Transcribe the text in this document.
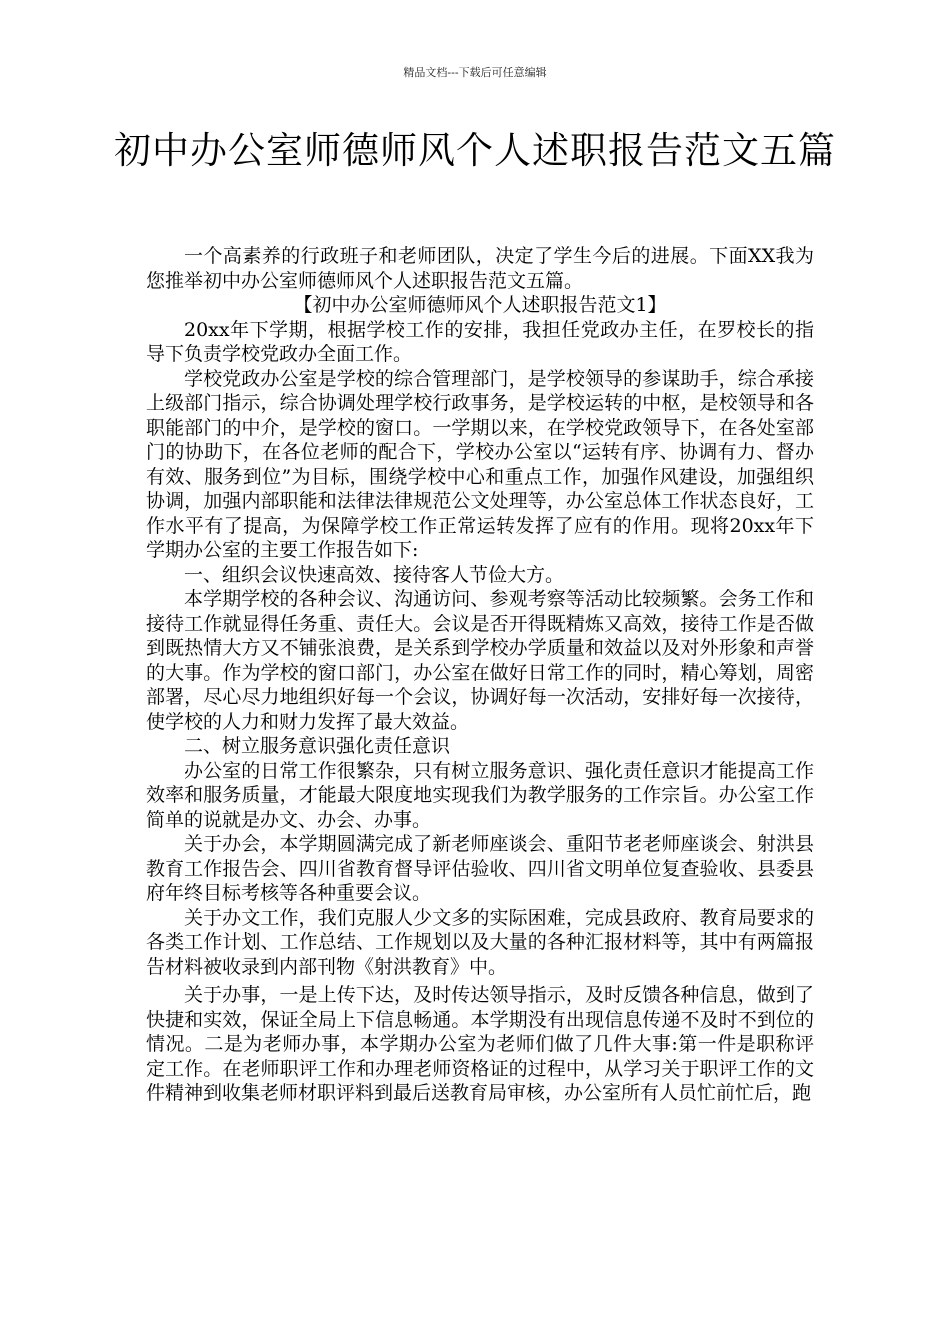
精品文档---下载后可任意编辑
初中办公室师德师风个人述职报告范文五篇

一个高素养的行政班子和老师团队，决定了学生今后的进展。下面XX我为您推举初中办公室师德师风个人述职报告范文五篇。

【初中办公室师德师风个人述职报告范文1】

20xx年下学期，根据学校工作的安排，我担任党政办主任，在罗校长的指导下负责学校党政办全面工作。

学校党政办公室是学校的综合管理部门，是学校领导的参谋助手，综合承接上级部门指示，综合协调处理学校行政事务，是学校运转的中枢，是校领导和各职能部门的中介，是学校的窗口。一学期以来，在学校党政领导下，在各处室部门的协助下，在各位老师的配合下，学校办公室以“运转有序、协调有力、督办有效、服务到位”为目标，围绕学校中心和重点工作，加强作风建设，加强组织协调，加强内部职能和法律法律规范公文处理等，办公室总体工作状态良好，工作水平有了提高，为保障学校工作正常运转发挥了应有的作用。现将20xx年下学期办公室的主要工作报告如下:

一、组织会议快速高效、接待客人节俭大方。

本学期学校的各种会议、沟通访问、参观考察等活动比较频繁。会务工作和接待工作就显得任务重、责任大。会议是否开得既精炼又高效，接待工作是否做到既热情大方又不铺张浪费，是关系到学校办学质量和效益以及对外形象和声誉的大事。作为学校的窗口部门，办公室在做好日常工作的同时，精心筹划，周密部署，尽心尽力地组织好每一个会议，协调好每一次活动，安排好每一次接待，使学校的人力和财力发挥了最大效益。

二、树立服务意识强化责任意识

办公室的日常工作很繁杂，只有树立服务意识、强化责任意识才能提高工作效率和服务质量，才能最大限度地实现我们为教学服务的工作宗旨。办公室工作简单的说就是办文、办会、办事。

关于办会，本学期圆满完成了新老师座谈会、重阳节老老师座谈会、射洪县教育工作报告会、四川省教育督导评估验收、四川省文明单位复查验收、县委县府年终目标考核等各种重要会议。

关于办文工作，我们克服人少文多的实际困难，完成县政府、教育局要求的各类工作计划、工作总结、工作规划以及大量的各种汇报材料等，其中有两篇报告材料被收录到内部刊物《射洪教育》中。

关于办事，一是上传下达，及时传达领导指示，及时反馈各种信息，做到了快捷和实效，保证全局上下信息畅通。本学期没有出现信息传递不及时不到位的情况。二是为老师办事，本学期办公室为老师们做了几件大事:第一件是职称评定工作。在老师职评工作和办理老师资格证的过程中，从学习关于职评工作的文件精神到收集老师材职评料到最后送教育局审核，办公室所有人员忙前忙后，跑
